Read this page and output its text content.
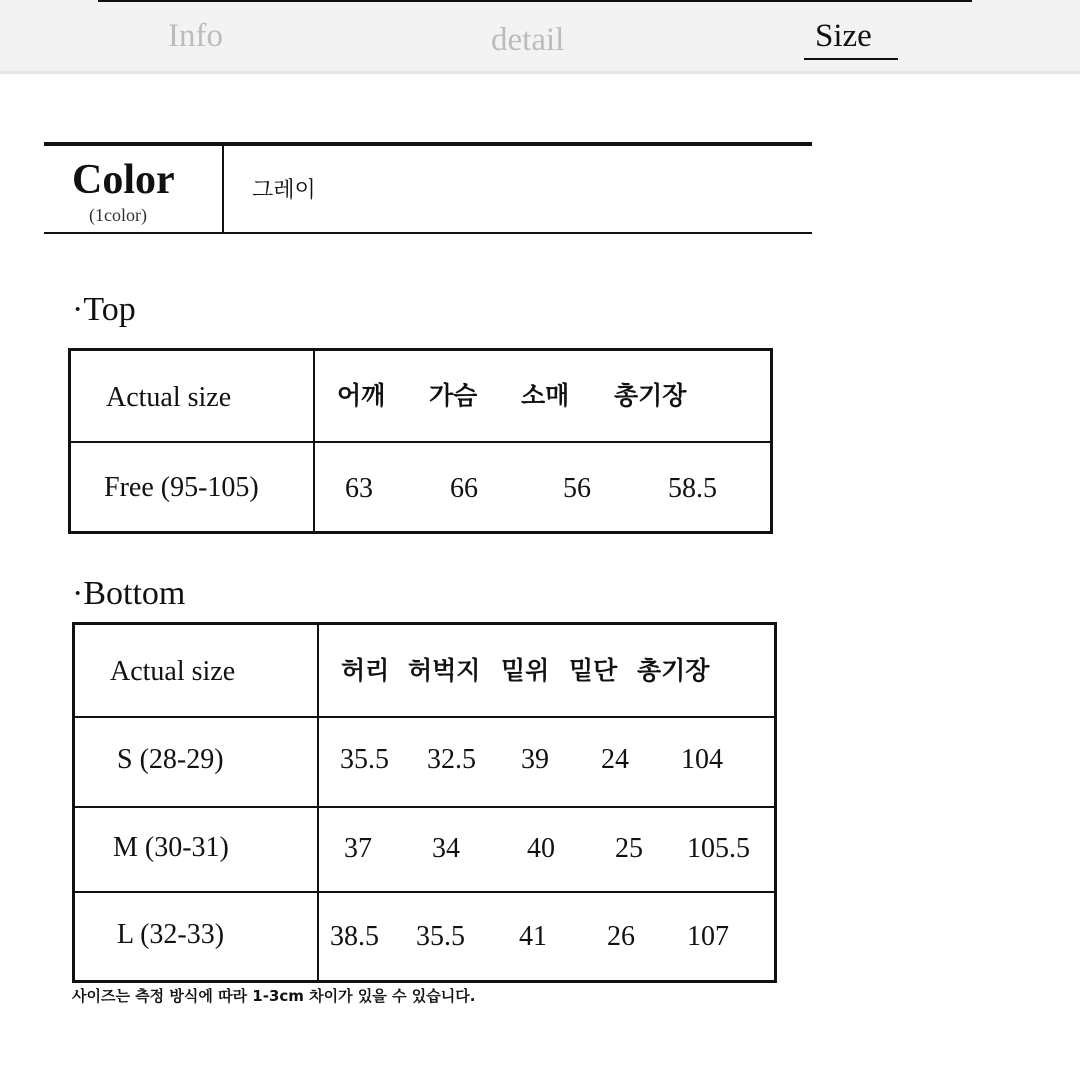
Info	detail	Size
Color
(1color)
그레이
·Top
Actual size	어깨 가슴 소매 총기장
Free (95-105)	63	66	56	58.5
·Bottom
Actual size	허리 허벅지 밑위 밑단 총기장
S (28-29)	35.5 32.5 39 24 104
M (30-31)	37 34 40 25 105.5
L (32-33)	38.5 35.5 41 26 107
사이즈는 측정 방식에 따라 1-3cm 차이가 있을 수 있습니다.
